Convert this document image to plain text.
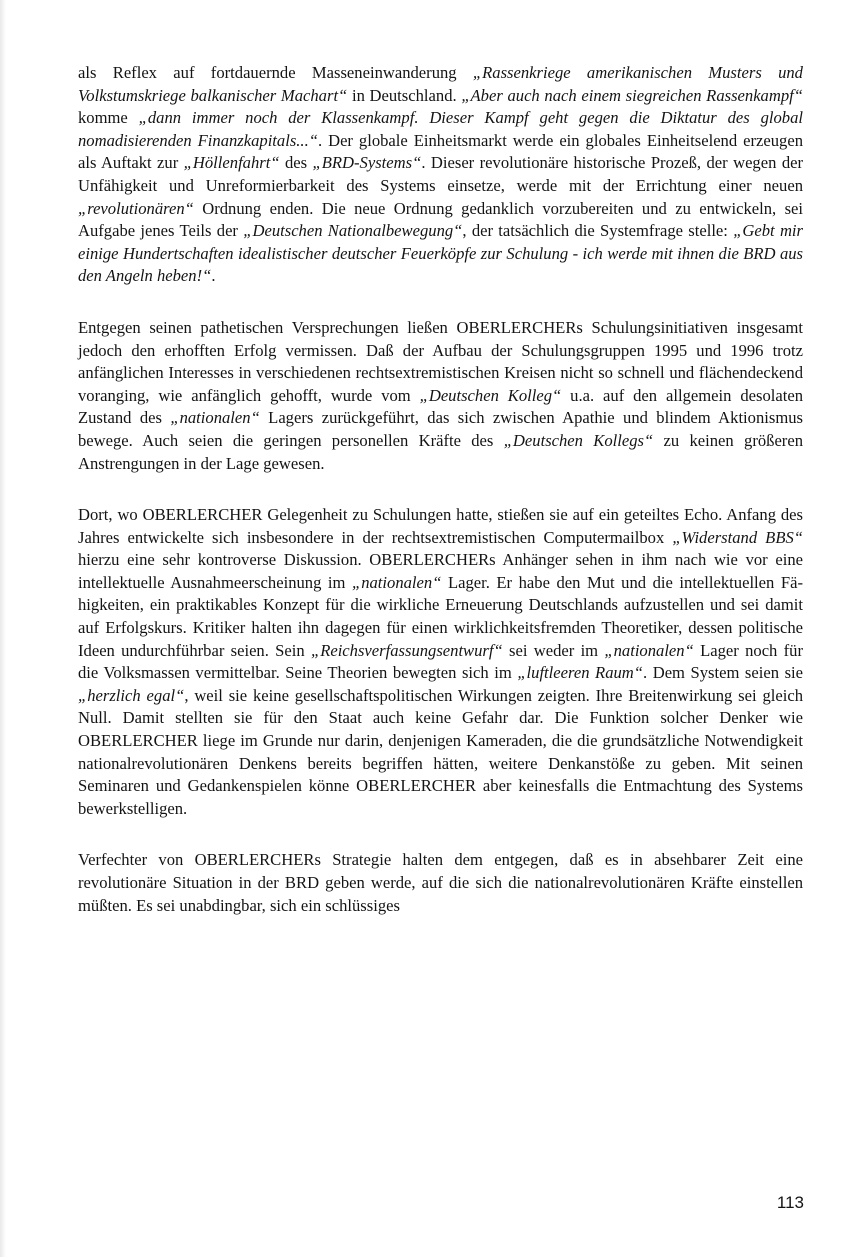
als Reflex auf fortdauernde Masseneinwanderung „Rassenkriege amerikanischen Musters und Volkstumskriege balkanischer Machart“ in Deutschland. „Aber auch nach einem siegreichen Rassenkampf“ komme „dann immer noch der Klassenkampf. Dieser Kampf geht gegen die Diktatur des global nomadisierenden Finanzkapitals...“. Der globale Einheitsmarkt werde ein globales Einheitselend erzeugen als Auftakt zur „Höllenfahrt“ des „BRD-Systems“. Dieser revolutionäre historische Prozeß, der wegen der Unfähigkeit und Unreformierbarkeit des Systems einsetze, werde mit der Errichtung einer neuen „revolutionären“ Ordnung enden. Die neue Ordnung gedanklich vorzubereiten und zu entwickeln, sei Aufgabe jenes Teils der „Deutschen Nationalbewegung“, der tatsächlich die Systemfrage stelle: „Gebt mir einige Hundertschaften idealistischer deutscher Feuerköpfe zur Schulung - ich werde mit ihnen die BRD aus den Angeln heben!“.

Entgegen seinen pathetischen Versprechungen ließen OBERLERCHERs Schulungsinitiativen insgesamt jedoch den erhofften Erfolg vermissen. Daß der Aufbau der Schulungsgruppen 1995 und 1996 trotz anfänglichen Interesses in verschiedenen rechtsextremistischen Kreisen nicht so schnell und flächendeckend voranging, wie anfänglich gehofft, wurde vom „Deutschen Kolleg“ u.a. auf den allgemein desolaten Zustand des „nationalen“ Lagers zurückgeführt, das sich zwischen Apathie und blindem Aktionismus bewege. Auch seien die geringen personellen Kräfte des „Deutschen Kollegs“ zu keinen größeren Anstrengungen in der Lage gewesen.

Dort, wo OBERLERCHER Gelegenheit zu Schulungen hatte, stießen sie auf ein geteiltes Echo. Anfang des Jahres entwickelte sich insbesondere in der rechtsextremistischen Computermailbox „Widerstand BBS“ hierzu eine sehr kontroverse Diskussion. OBERLERCHERs Anhänger sehen in ihm nach wie vor eine intellektuelle Ausnahmeerscheinung im „nationalen“ Lager. Er habe den Mut und die intellektuellen Fähigkeiten, ein praktikables Konzept für die wirkliche Erneuerung Deutschlands aufzustellen und sei damit auf Erfolgskurs. Kritiker halten ihn dagegen für einen wirklichkeitsfremden Theoretiker, dessen politische Ideen undurchführbar seien. Sein „Reichsverfassungsentwurf“ sei weder im „nationalen“ Lager noch für die Volksmassen vermittelbar. Seine Theorien bewegten sich im „luftleeren Raum“. Dem System seien sie „herzlich egal“, weil sie keine gesellschaftspolitischen Wirkungen zeigten. Ihre Breitenwirkung sei gleich Null. Damit stellten sie für den Staat auch keine Gefahr dar. Die Funktion solcher Denker wie OBERLERCHER liege im Grunde nur darin, denjenigen Kameraden, die die grundsätzliche Notwendigkeit nationalrevolutionären Denkens bereits begriffen hätten, weitere Denkanstöße zu geben. Mit seinen Seminaren und Gedankenspielen könne OBERLERCHER aber keinesfalls die Entmachtung des Systems bewerkstelligen.

Verfechter von OBERLERCHERs Strategie halten dem entgegen, daß es in absehbarer Zeit eine revolutionäre Situation in der BRD geben werde, auf die sich die nationalrevolutionären Kräfte einstellen müßten. Es sei unabdingbar, sich ein schlüssiges

113
